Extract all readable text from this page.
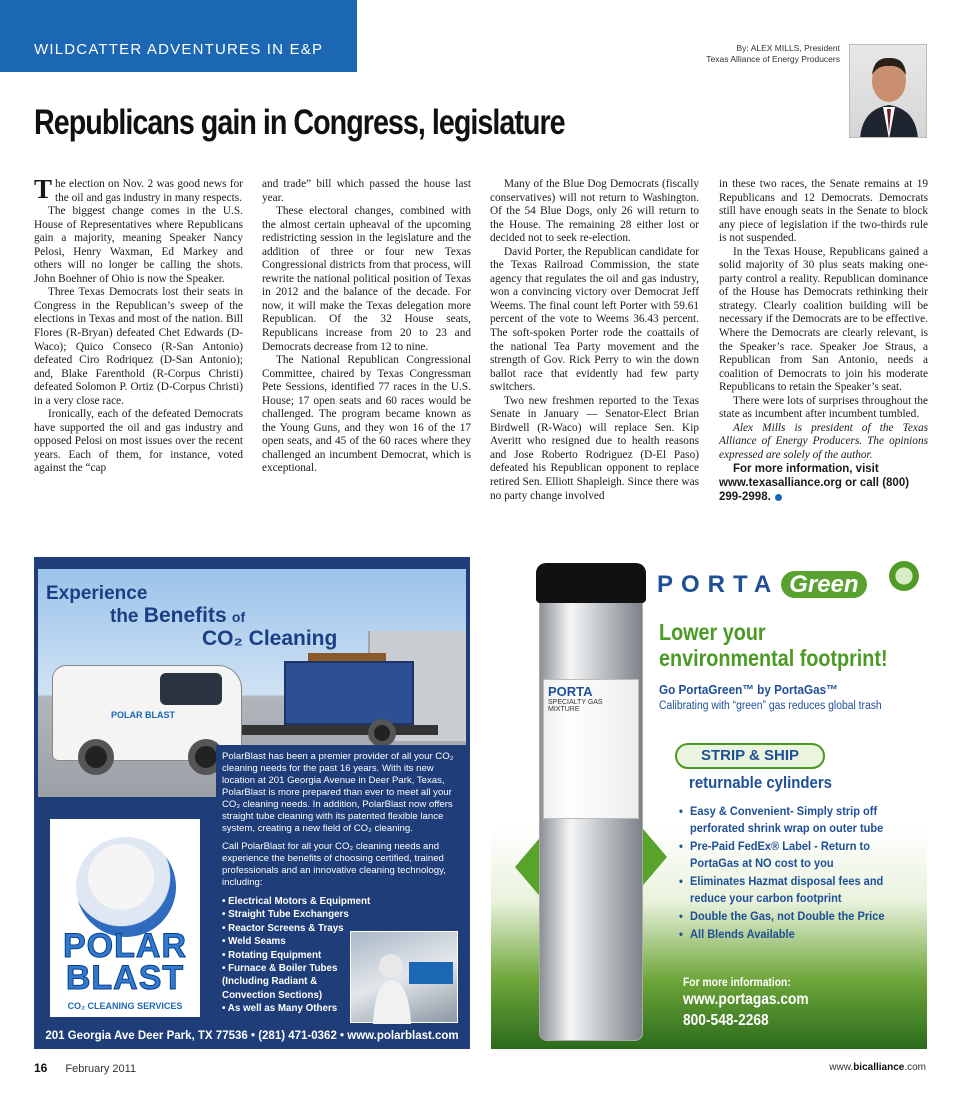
WILDCATTER ADVENTURES IN E&P	By: ALEX MILLS, President
Texas Alliance of Energy Producers
Republicans gain in Congress, legislature

The election on Nov. 2 was good news for the oil and gas industry in many respects.

The biggest change comes in the U.S. House of Representatives where Republicans gain a majority, meaning Speaker Nancy Pelosi, Henry Waxman, Ed Markey and others will no longer be calling the shots. John Boehner of Ohio is now the Speaker.

Three Texas Democrats lost their seats in Congress in the Republican’s sweep of the elections in Texas and most of the nation. Bill Flores (R-Bryan) defeated Chet Edwards (D-Waco); Quico Conseco (R-San Antonio) defeated Ciro Rodriquez (D-San Antonio); and, Blake Farenthold (R-Corpus Christi) defeated Solomon P. Ortiz (D-Corpus Christi) in a very close race.

Ironically, each of the defeated Democrats have supported the oil and gas industry and opposed Pelosi on most issues over the recent years. Each of them, for instance, voted against the “cap

and trade” bill which passed the house last year.

These electoral changes, combined with the almost certain upheaval of the upcoming redistricting session in the legislature and the addition of three or four new Texas Congressional districts from that process, will rewrite the national political position of Texas in 2012 and the balance of the decade. For now, it will make the Texas delegation more Republican. Of the 32 House seats, Republicans increase from 20 to 23 and Democrats decrease from 12 to nine.

The National Republican Congressional Committee, chaired by Texas Congressman Pete Sessions, identified 77 races in the U.S. House; 17 open seats and 60 races would be challenged. The program became known as the Young Guns, and they won 16 of the 17 open seats, and 45 of the 60 races where they challenged an incumbent Democrat, which is exceptional.

Many of the Blue Dog Democrats (fiscally conservatives) will not return to Washington. Of the 54 Blue Dogs, only 26 will return to the House. The remaining 28 either lost or decided not to seek re-election.

David Porter, the Republican candidate for the Texas Railroad Commission, the state agency that regulates the oil and gas industry, won a convincing victory over Democrat Jeff Weems. The final count left Porter with 59.61 percent of the vote to Weems 36.43 percent. The soft-spoken Porter rode the coattails of the national Tea Party movement and the strength of Gov. Rick Perry to win the down ballot race that evidently had few party switchers.

Two new freshmen reported to the Texas Senate in January — Senator-Elect Brian Birdwell (R-Waco) will replace Sen. Kip Averitt who resigned due to health reasons and Jose Roberto Rodriguez (D-El Paso) defeated his Republican opponent to replace retired Sen. Elliott Shapleigh. Since there was no party change involved

in these two races, the Senate remains at 19 Republicans and 12 Democrats. Democrats still have enough seats in the Senate to block any piece of legislation if the two-thirds rule is not suspended.

In the Texas House, Republicans gained a solid majority of 30 plus seats making one-party control a reality. Republican dominance of the House has Democrats rethinking their strategy. Clearly coalition building will be necessary if the Democrats are to be effective. Where the Democrats are clearly relevant, is the Speaker’s race. Speaker Joe Straus, a Republican from San Antonio, needs a coalition of Democrats to join his moderate Republicans to retain the Speaker’s seat.

There were lots of surprises throughout the state as incumbent after incumbent tumbled.

Alex Mills is president of the Texas Alliance of Energy Producers. The opinions expressed are solely of the author.

For more information, visit www.texasalliance.org or call (800) 299-2998.

POLAR BLAST
Experience
the Benefits of
CO₂ Cleaning

PolarBlast has been a premier provider of all your CO₂ cleaning needs for the past 16 years. With its new location at 201 Georgia Avenue in Deer Park, Texas, PolarBlast is more prepared than ever to meet all your CO₂ cleaning needs. In addition, PolarBlast now offers straight tube cleaning with its patented flexible lance system, creating a new field of CO₂ cleaning.

Call PolarBlast for all your CO₂ cleaning needs and experience the benefits of choosing certified, trained professionals and an innovative cleaning technology, including:

• Electrical Motors & Equipment
• Straight Tube Exchangers
• Reactor Screens & Trays
• Weld Seams
• Rotating Equipment
• Furnace & Boiler Tubes
(Including Radiant &
Convection Sections)
• As well as Many Others
POLAR
BLAST
CO₂ CLEANING SERVICES
201 Georgia Ave Deer Park, TX 77536 • (281) 471-0362 • www.polarblast.com
PORTA
SPECIALTY GAS MIXTURE
PORTA Green
Lower your
environmental footprint!
Go PortaGreen™ by PortaGas™
Calibrating with “green” gas reduces global trash
STRIP & SHIP
returnable cylinders
• Easy & Convenient- Simply strip off
perforated shrink wrap on outer tube
• Pre-Paid FedEx® Label - Return to
PortaGas at NO cost to you
• Eliminates Hazmat disposal fees and
reduce your carbon footprint
• Double the Gas, not Double the Price
• All Blends Available
For more information:
www.portagas.com
800-548-2268
16 February 2011	www.bicalliance.com
